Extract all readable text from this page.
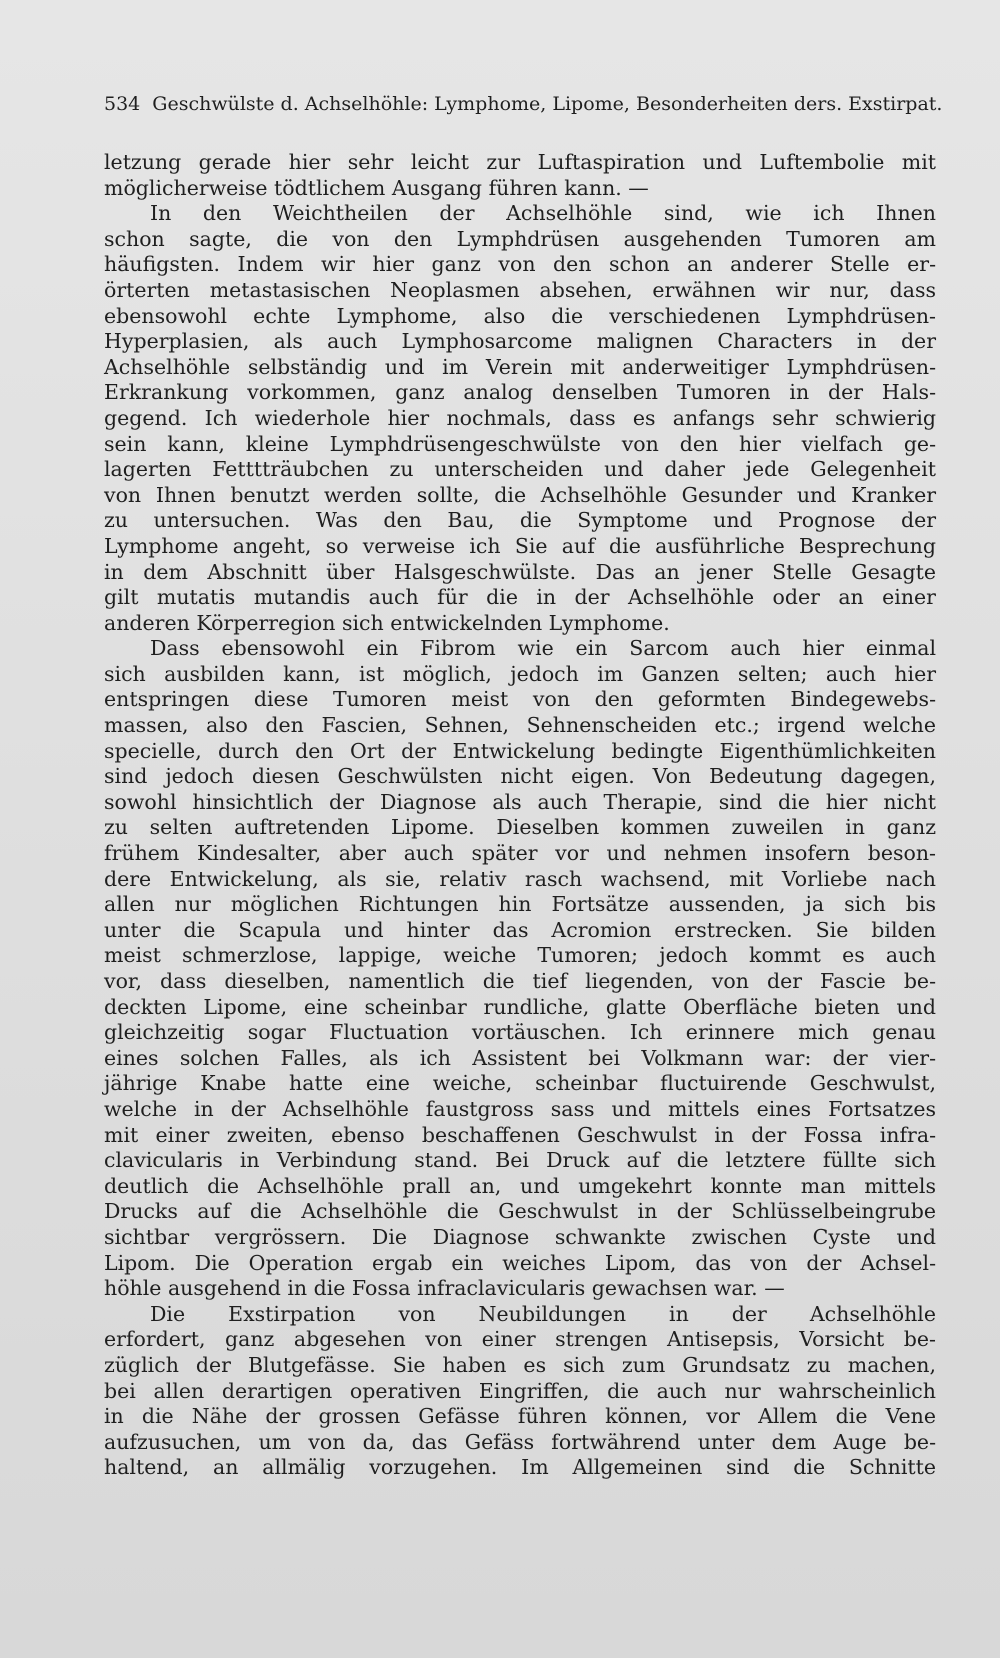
534 Geschwülste d. Achselhöhle: Lymphome, Lipome, Besonderheiten ders. Exstirpat.
letzung gerade hier sehr leicht zur Luftaspiration und Luftembolie mit
möglicherweise tödtlichem Ausgang führen kann. —
In den Weichtheilen der Achselhöhle sind, wie ich Ihnen
schon sagte, die von den Lymphdrüsen ausgehenden Tumoren am
häufigsten. Indem wir hier ganz von den schon an anderer Stelle er-
örterten metastasischen Neoplasmen absehen, erwähnen wir nur, dass
ebensowohl echte Lymphome, also die verschiedenen Lymphdrüsen-
Hyperplasien, als auch Lymphosarcome malignen Characters in der
Achselhöhle selbständig und im Verein mit anderweitiger Lymphdrüsen-
Erkrankung vorkommen, ganz analog denselben Tumoren in der Hals-
gegend. Ich wiederhole hier nochmals, dass es anfangs sehr schwierig
sein kann, kleine Lymphdrüsengeschwülste von den hier vielfach ge-
lagerten Fetttträubchen zu unterscheiden und daher jede Gelegenheit
von Ihnen benutzt werden sollte, die Achselhöhle Gesunder und Kranker
zu untersuchen. Was den Bau, die Symptome und Prognose der
Lymphome angeht, so verweise ich Sie auf die ausführliche Besprechung
in dem Abschnitt über Halsgeschwülste. Das an jener Stelle Gesagte
gilt mutatis mutandis auch für die in der Achselhöhle oder an einer
anderen Körperregion sich entwickelnden Lymphome.
Dass ebensowohl ein Fibrom wie ein Sarcom auch hier einmal
sich ausbilden kann, ist möglich, jedoch im Ganzen selten; auch hier
entspringen diese Tumoren meist von den geformten Bindegewebs-
massen, also den Fascien, Sehnen, Sehnenscheiden etc.; irgend welche
specielle, durch den Ort der Entwickelung bedingte Eigenthümlichkeiten
sind jedoch diesen Geschwülsten nicht eigen. Von Bedeutung dagegen,
sowohl hinsichtlich der Diagnose als auch Therapie, sind die hier nicht
zu selten auftretenden Lipome. Dieselben kommen zuweilen in ganz
frühem Kindesalter, aber auch später vor und nehmen insofern beson-
dere Entwickelung, als sie, relativ rasch wachsend, mit Vorliebe nach
allen nur möglichen Richtungen hin Fortsätze aussenden, ja sich bis
unter die Scapula und hinter das Acromion erstrecken. Sie bilden
meist schmerzlose, lappige, weiche Tumoren; jedoch kommt es auch
vor, dass dieselben, namentlich die tief liegenden, von der Fascie be-
deckten Lipome, eine scheinbar rundliche, glatte Oberfläche bieten und
gleichzeitig sogar Fluctuation vortäuschen. Ich erinnere mich genau
eines solchen Falles, als ich Assistent bei Volkmann war: der vier-
jährige Knabe hatte eine weiche, scheinbar fluctuirende Geschwulst,
welche in der Achselhöhle faustgross sass und mittels eines Fortsatzes
mit einer zweiten, ebenso beschaffenen Geschwulst in der Fossa infra-
clavicularis in Verbindung stand. Bei Druck auf die letztere füllte sich
deutlich die Achselhöhle prall an, und umgekehrt konnte man mittels
Drucks auf die Achselhöhle die Geschwulst in der Schlüsselbeingrube
sichtbar vergrössern. Die Diagnose schwankte zwischen Cyste und
Lipom. Die Operation ergab ein weiches Lipom, das von der Achsel-
höhle ausgehend in die Fossa infraclavicularis gewachsen war. —
Die Exstirpation von Neubildungen in der Achselhöhle
erfordert, ganz abgesehen von einer strengen Antisepsis, Vorsicht be-
züglich der Blutgefässe. Sie haben es sich zum Grundsatz zu machen,
bei allen derartigen operativen Eingriffen, die auch nur wahrscheinlich
in die Nähe der grossen Gefässe führen können, vor Allem die Vene
aufzusuchen, um von da, das Gefäss fortwährend unter dem Auge be-
haltend, an allmälig vorzugehen. Im Allgemeinen sind die Schnitte
